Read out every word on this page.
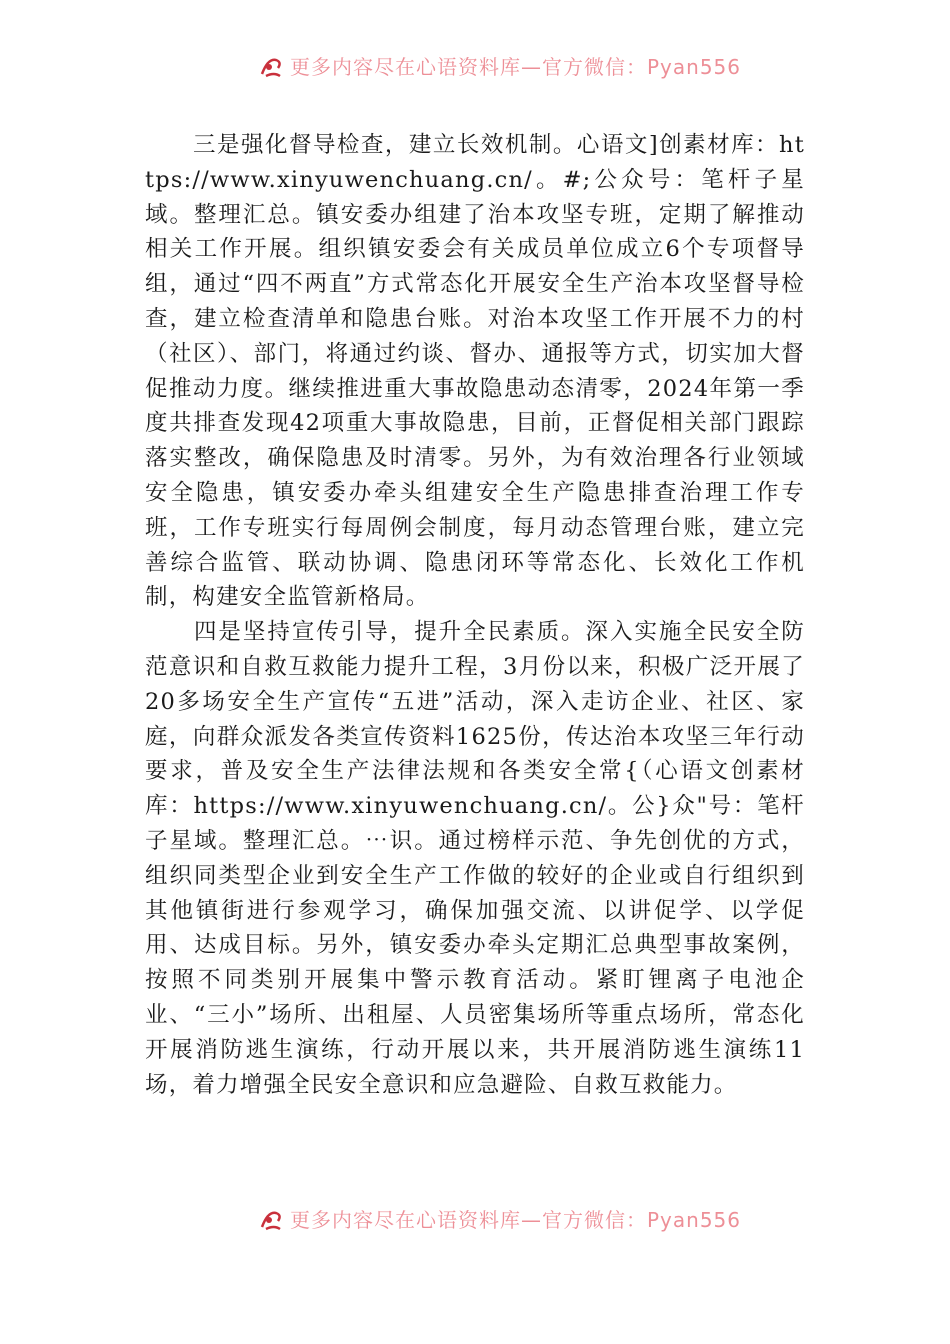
更多内容尽在心语资料库—官方微信：Pyan556

　　三是强化督导检查，建立长效机制。心语文]创素材库：https://www.xinyuwenchuang.cn/。#;公众号：笔杆子星域。整理汇总。镇安委办组建了治本攻坚专班，定期了解推动相关工作开展。组织镇安委会有关成员单位成立6个专项督导组，通过“四不两直”方式常态化开展安全生产治本攻坚督导检查，建立检查清单和隐患台账。对治本攻坚工作开展不力的村（社区）、部门，将通过约谈、督办、通报等方式，切实加大督促推动力度。继续推进重大事故隐患动态清零，2024年第一季度共排查发现42项重大事故隐患，目前，正督促相关部门跟踪落实整改，确保隐患及时清零。另外，为有效治理各行业领域安全隐患，镇安委办牵头组建安全生产隐患排查治理工作专班，工作专班实行每周例会制度，每月动态管理台账，建立完善综合监管、联动协调、隐患闭环等常态化、长效化工作机制，构建安全监管新格局。

　　四是坚持宣传引导，提升全民素质。深入实施全民安全防范意识和自救互救能力提升工程，3月份以来，积极广泛开展了20多场安全生产宣传“五进”活动，深入走访企业、社区、家庭，向群众派发各类宣传资料1625份，传达治本攻坚三年行动要求，普及安全生产法律法规和各类安全常{（心语文创素材库：https://www.xinyuwenchuang.cn/。公}众"号：笔杆子星域。整理汇总。⋯识。通过榜样示范、争先创优的方式，组织同类型企业到安全生产工作做的较好的企业或自行组织到其他镇街进行参观学习，确保加强交流、以讲促学、以学促用、达成目标。另外，镇安委办牵头定期汇总典型事故案例，按照不同类别开展集中警示教育活动。紧盯锂离子电池企业、“三小”场所、出租屋、人员密集场所等重点场所，常态化开展消防逃生演练，行动开展以来，共开展消防逃生演练11场，着力增强全民安全意识和应急避险、自救互救能力。

更多内容尽在心语资料库—官方微信：Pyan556
